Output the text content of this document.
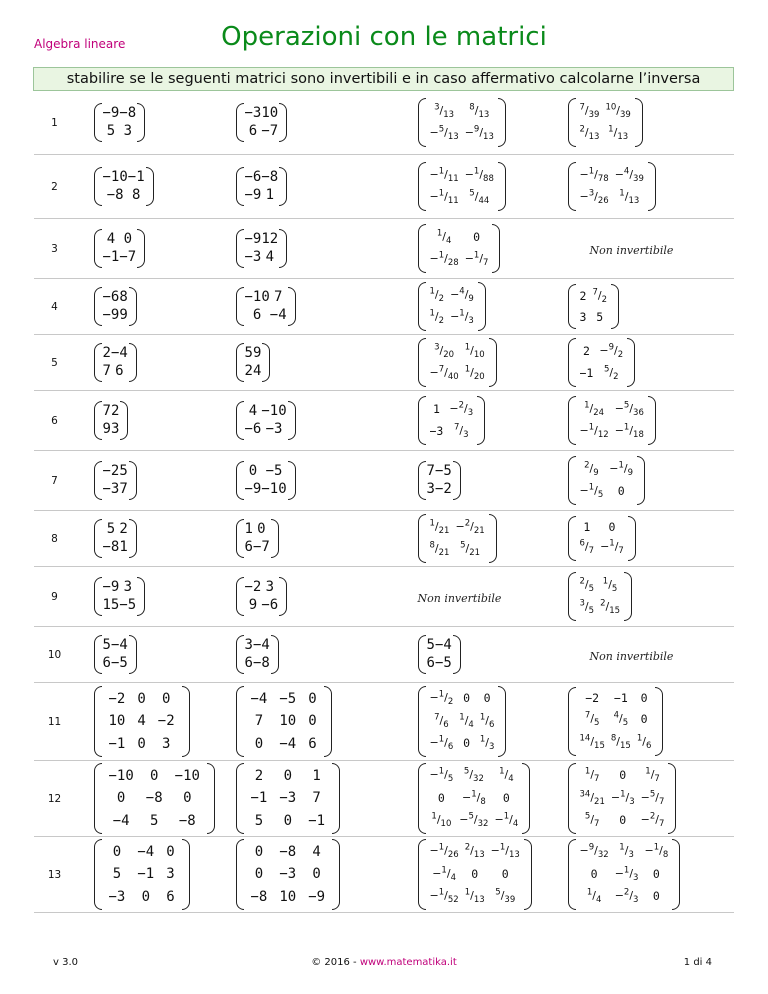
Algebra lineare	Operazioni con le matrici
stabilire se le seguenti matrici sono invertibili e in caso affermativo calcolarne l’inversa
1	
−9	−8
5	3

−3	10
6	−7

$^3/_{13}$	$^8/_{13}$
$-^5/_{13}$	$-^9/_{13}$

$^7/_{39}$	$^{10}/_{39}$
$^2/_{13}$	$^1/_{13}$

2	
−10	−1
−8	8

−6	−8
−9	1

$-^1/_{11}$	$-^1/_{88}$
$-^1/_{11}$	$^5/_{44}$

$-^1/_{78}$	$-^4/_{39}$
$-^3/_{26}$	$^1/_{13}$

3	
4	0
−1	−7

−9	12
−3	4

$^1/_4$	0
$-^1/_{28}$	$-^1/_7$
	Non invertibile
4	
−6	8
−9	9

−10	7
6	−4

$^1/_2$	$-^4/_9$
$^1/_2$	$-^1/_3$

2	$^7/_2$
3	5

5	
2	−4
7	6

5	9
2	4

$^3/_{20}$	$^1/_{10}$
$-^7/_{40}$	$^1/_{20}$

2	$-^9/_2$
−1	$^5/_2$

6	
7	2
9	3

4	−10
−6	−3

1	$-^2/_3$
−3	$^7/_3$

$^1/_{24}$	$-^5/_{36}$
$-^1/_{12}$	$-^1/_{18}$

7	
−2	5
−3	7

0	−5
−9	−10

7	−5
3	−2

$^2/_9$	$-^1/_9$
$-^1/_5$	0

8	
5	2
−8	1

1	0
6	−7

$^1/_{21}$	$-^2/_{21}$
$^8/_{21}$	$^5/_{21}$

1	0
$^6/_7$	$-^1/_7$

9	
−9	3
15	−5

−2	3
9	−6
		Non invertibile	
$^2/_5$	$^1/_5$
$^3/_5$	$^2/_{15}$

10	
5	−4
6	−5

3	−4
6	−8

5	−4
6	−5
		Non invertibile
11	
−2	0	0
10	4	−2
−1	0	3

−4	−5	0
7	10	0
0	−4	6

$-^1/_2$	0	0
$^7/_6$	$^1/_4$	$^1/_6$
$-^1/_6$	0	$^1/_3$

−2	−1	0
$^7/_5$	$^4/_5$	0
$^{14}/_{15}$	$^8/_{15}$	$^1/_6$

12	
−10	0	−10
0	−8	0
−4	5	−8

2	0	1
−1	−3	7
5	0	−1

$-^1/_5$	$^5/_{32}$	$^1/_4$
0	$-^1/_8$	0
$^1/_{10}$	$-^5/_{32}$	$-^1/_4$

$^1/_7$	0	$^1/_7$
$^{34}/_{21}$	$-^1/_3$	$-^5/_7$
$^5/_7$	0	$-^2/_7$

13	
0	−4	0
5	−1	3
−3	0	6

0	−8	4
0	−3	0
−8	10	−9

$-^1/_{26}$	$^2/_{13}$	$-^1/_{13}$
$-^1/_4$	0	0
$-^1/_{52}$	$^1/_{13}$	$^5/_{39}$

$-^9/_{32}$	$^1/_3$	$-^1/_8$
0	$-^1/_3$	0
$^1/_4$	$-^2/_3$	0
v 3.0	© 2016 - www.matematika.it	1 di 4
